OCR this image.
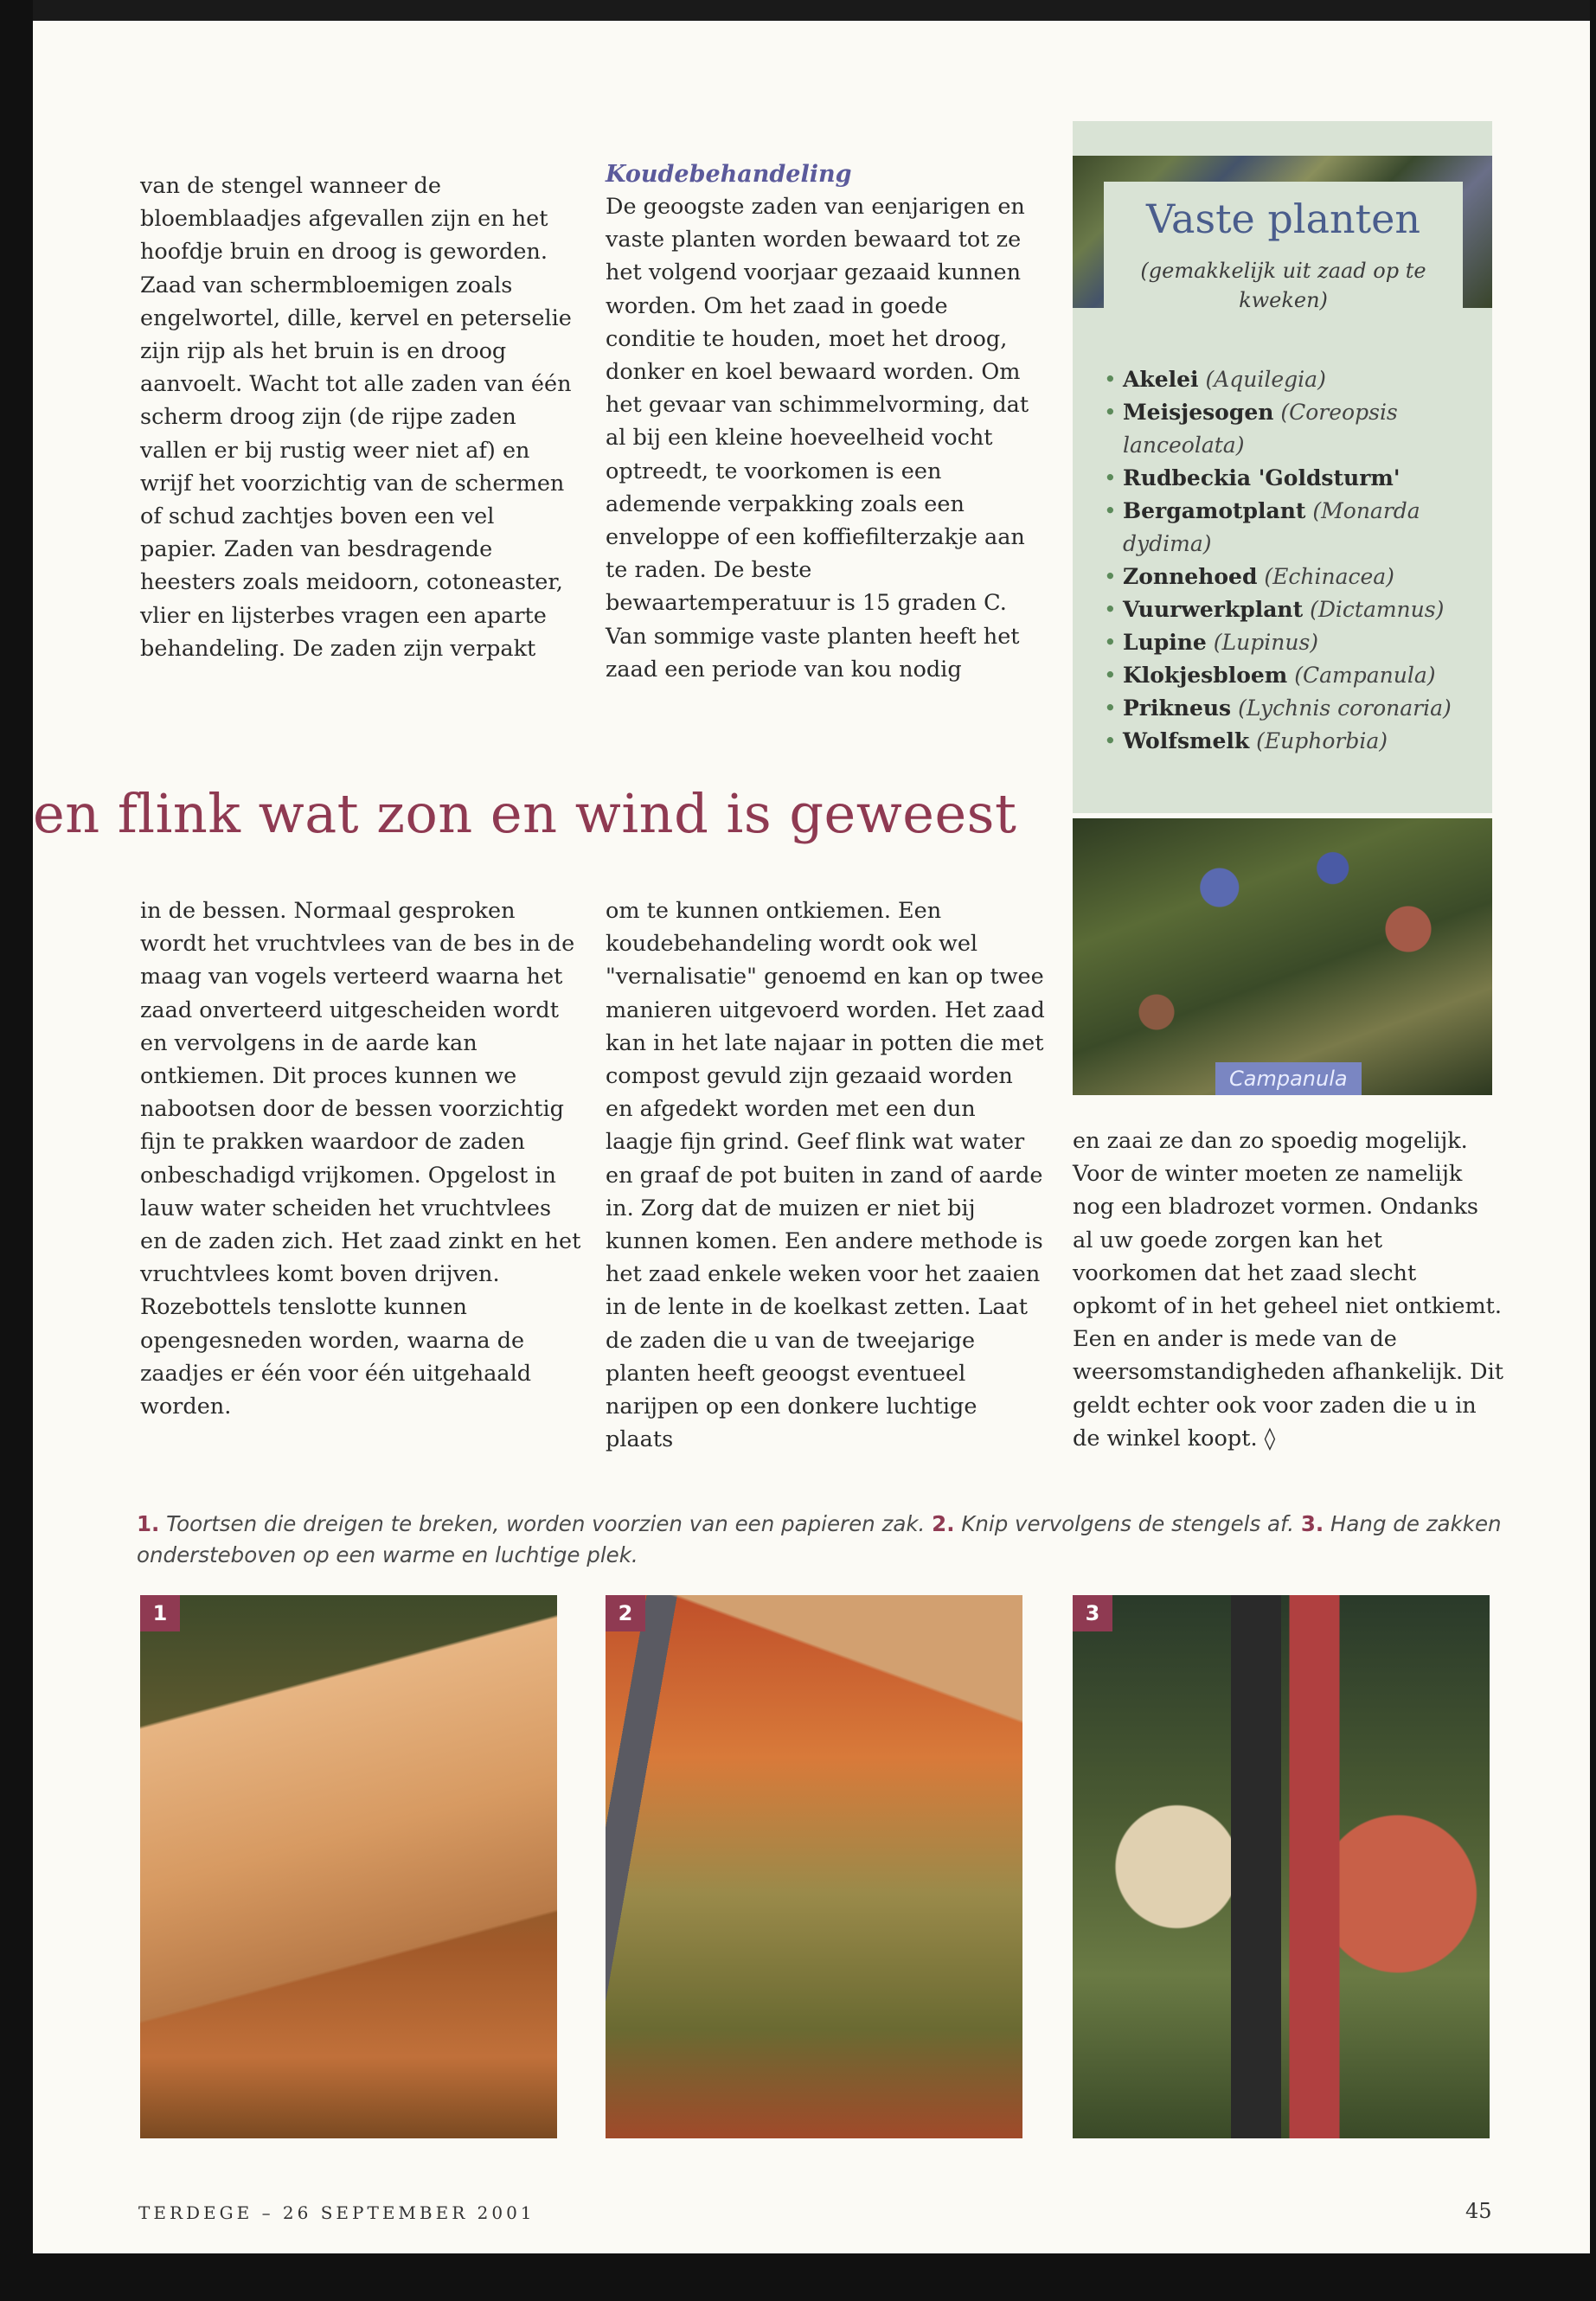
van de stengel wanneer de bloemblaadjes afgevallen zijn en het hoofdje bruin en droog is geworden. Zaad van schermbloemigen zoals engelwortel, dille, kervel en peterselie zijn rijp als het bruin is en droog aanvoelt. Wacht tot alle zaden van één scherm droog zijn (de rijpe zaden vallen er bij rustig weer niet af) en wrijf het voorzichtig van de schermen of schud zachtjes boven een vel papier. Zaden van besdragende heesters zoals meidoorn, cotoneaster, vlier en lijsterbes vragen een aparte behandeling. De zaden zijn verpakt

Koudebehandeling

De geoogste zaden van eenjarigen en vaste planten worden bewaard tot ze het volgend voorjaar gezaaid kunnen worden. Om het zaad in goede conditie te houden, moet het droog, donker en koel bewaard worden. Om het gevaar van schimmelvorming, dat al bij een kleine hoeveelheid vocht optreedt, te voorkomen is een ademende verpakking zoals een enveloppe of een koffiefilterzakje aan te raden. De beste bewaartemperatuur is 15 graden C. Van sommige vaste planten heeft het zaad een periode van kou nodig

en flink wat zon en wind is geweest
Vaste planten
(gemakkelijk uit zaad op te kweken)
• Akelei (Aquilegia)
• Meisjesogen (Coreopsis lanceolata)
• Rudbeckia 'Goldsturm'
• Bergamotplant (Monarda dydima)
• Zonnehoed (Echinacea)
• Vuurwerkplant (Dictamnus)
• Lupine (Lupinus)
• Klokjesbloem (Campanula)
• Prikneus (Lychnis coronaria)
• Wolfsmelk (Euphorbia)
Campanula

in de bessen. Normaal gesproken wordt het vruchtvlees van de bes in de maag van vogels verteerd waarna het zaad onverteerd uitgescheiden wordt en vervolgens in de aarde kan ontkiemen. Dit proces kunnen we nabootsen door de bessen voorzichtig fijn te prakken waardoor de zaden onbeschadigd vrijkomen. Opgelost in lauw water scheiden het vruchtvlees en de zaden zich. Het zaad zinkt en het vruchtvlees komt boven drijven. Rozebottels tenslotte kunnen opengesneden worden, waarna de zaadjes er één voor één uitgehaald worden.

om te kunnen ontkiemen. Een koudebehandeling wordt ook wel "vernalisatie" genoemd en kan op twee manieren uitgevoerd worden. Het zaad kan in het late najaar in potten die met compost gevuld zijn gezaaid worden en afgedekt worden met een dun laagje fijn grind. Geef flink wat water en graaf de pot buiten in zand of aarde in. Zorg dat de muizen er niet bij kunnen komen. Een andere methode is het zaad enkele weken voor het zaaien in de lente in de koelkast zetten. Laat de zaden die u van de tweejarige planten heeft geoogst eventueel narijpen op een donkere luchtige plaats

en zaai ze dan zo spoedig mogelijk. Voor de winter moeten ze namelijk nog een bladrozet vormen. Ondanks al uw goede zorgen kan het voorkomen dat het zaad slecht opkomt of in het geheel niet ontkiemt. Een en ander is mede van de weersomstandigheden afhankelijk. Dit geldt echter ook voor zaden die u in de winkel koopt. ◊

1. Toortsen die dreigen te breken, worden voorzien van een papieren zak. 2. Knip vervolgens de stengels af. 3. Hang de zakken ondersteboven op een warme en luchtige plek.
1	2	3
TERDEGE – 26 SEPTEMBER 2001	45
